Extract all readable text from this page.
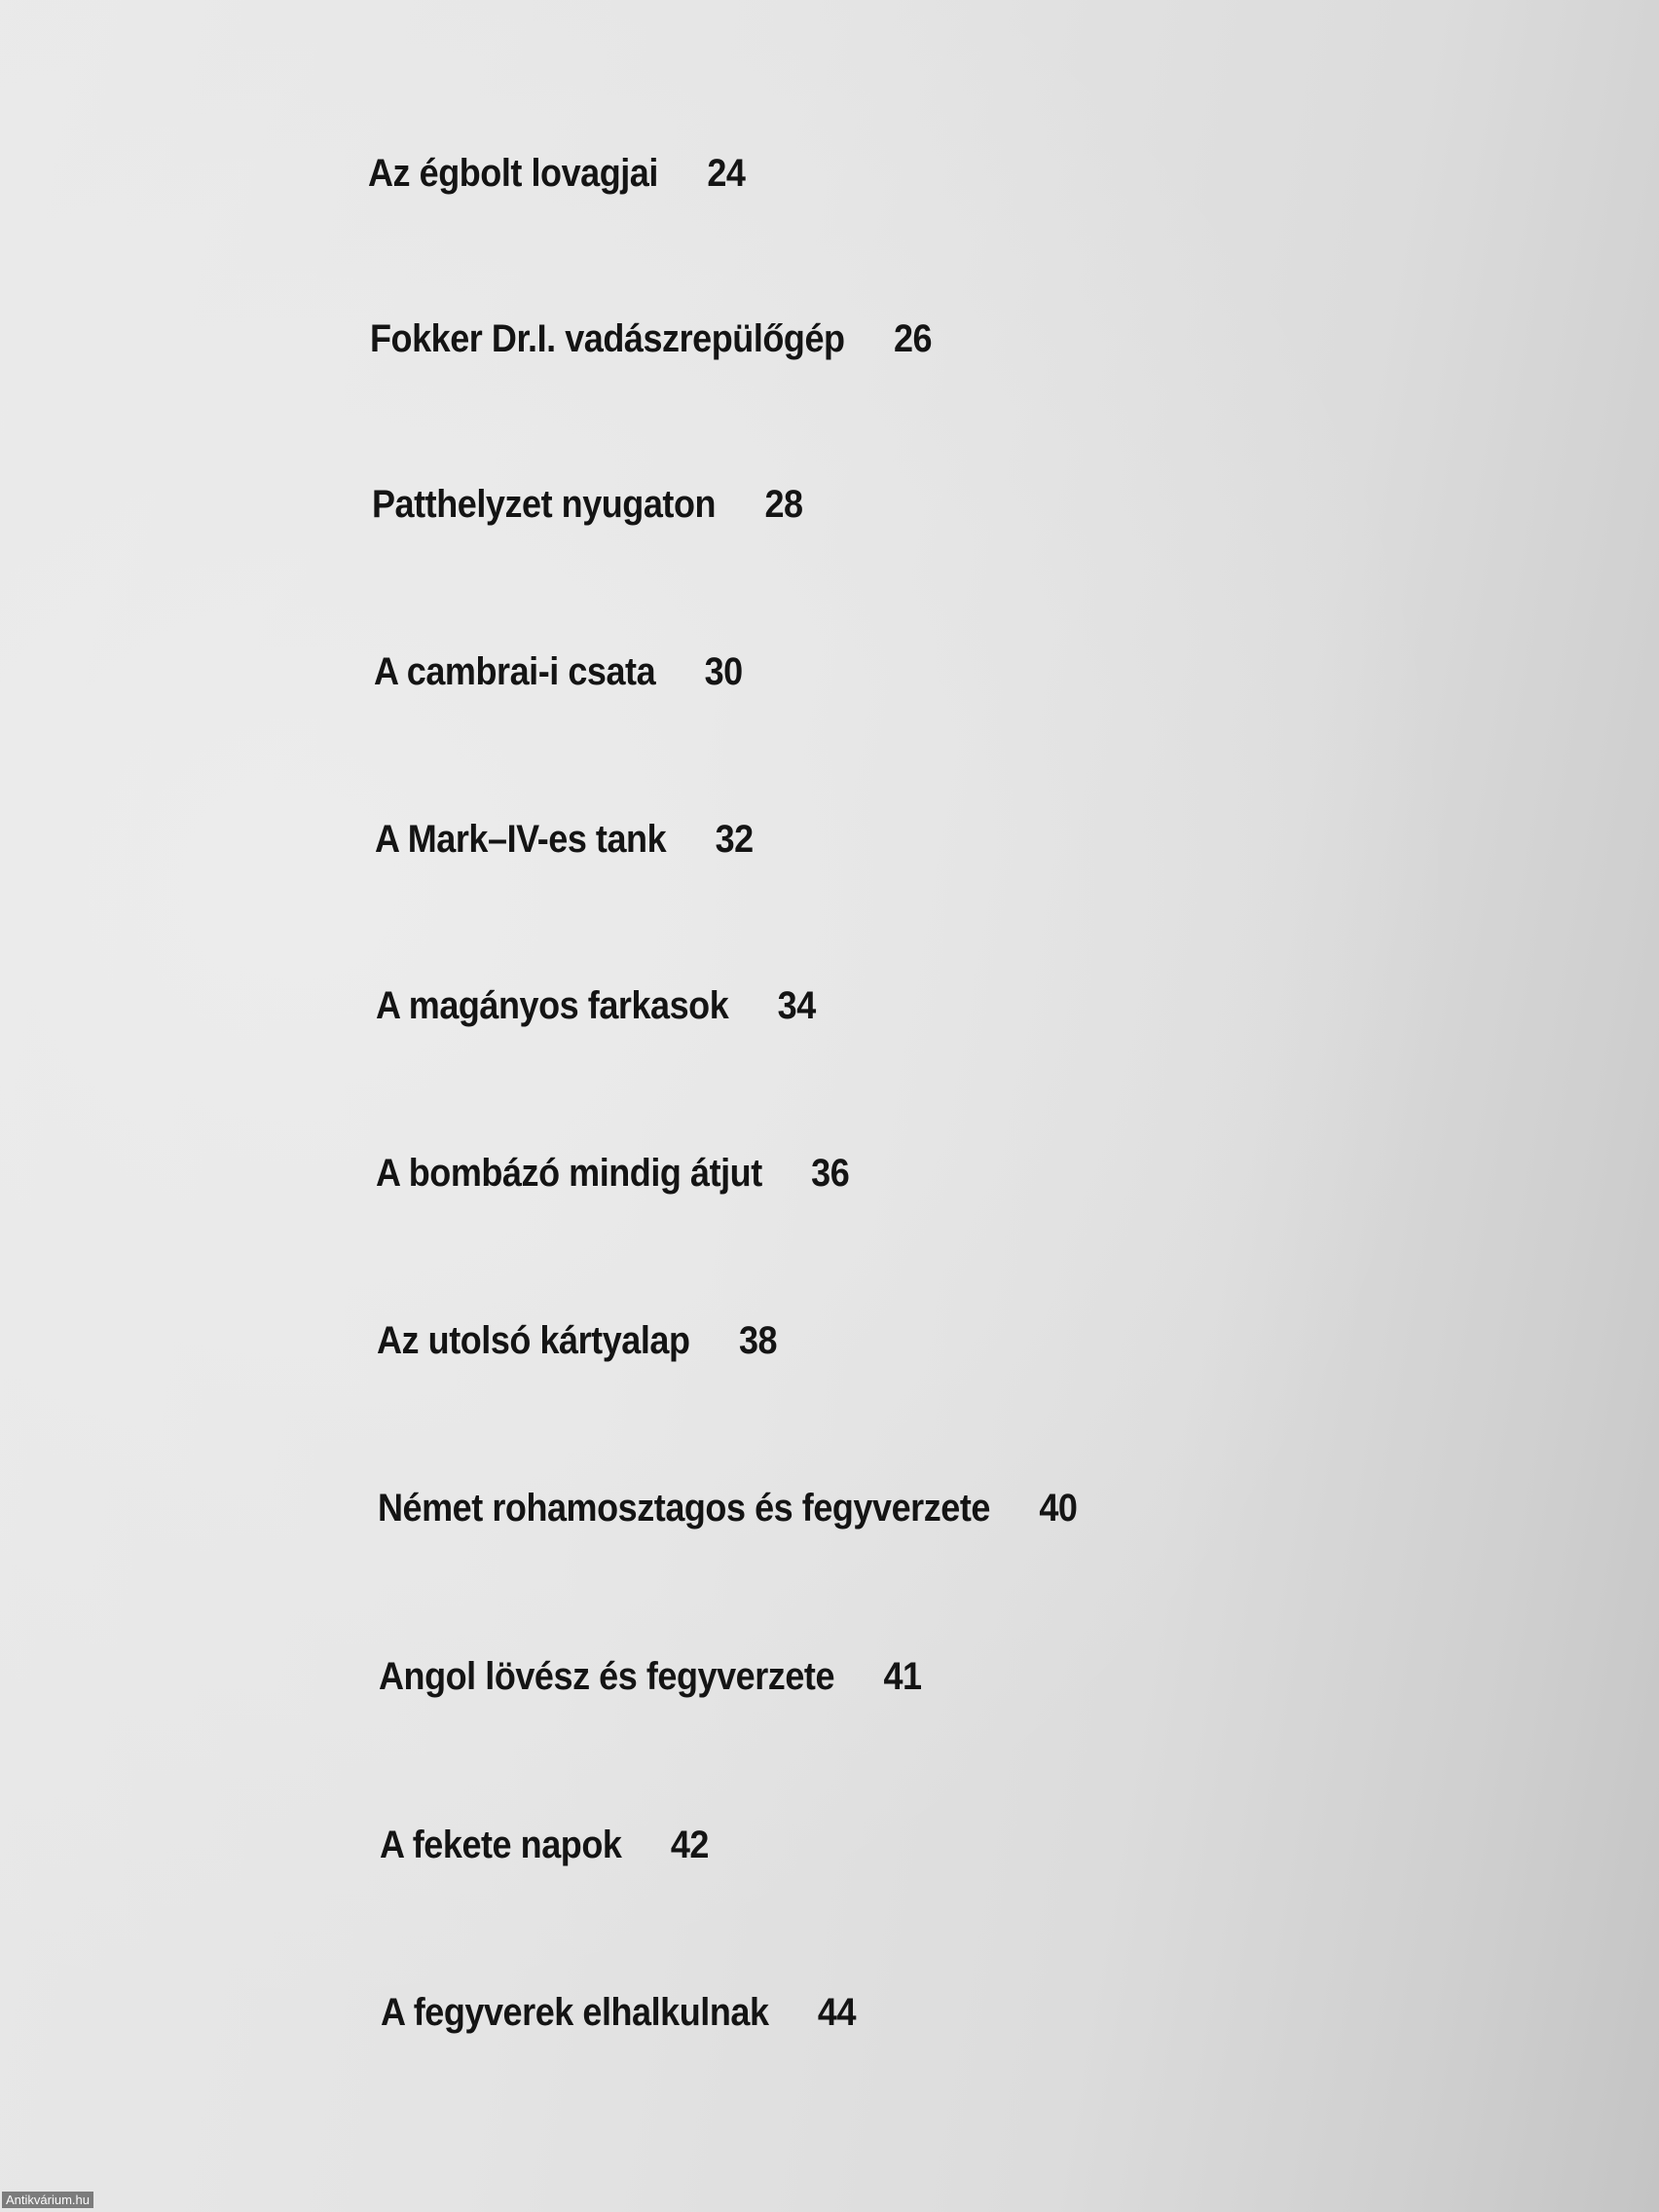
Az égbolt lovagjai 24
Fokker Dr.I. vadászrepülőgép 26
Patthelyzet nyugaton 28
A cambrai-i csata 30
A Mark–IV-es tank 32
A magányos farkasok 34
A bombázó mindig átjut 36
Az utolsó kártyalap 38
Német rohamosztagos és fegyverzete 40
Angol lövész és fegyverzete 41
A fekete napok 42
A fegyverek elhalkulnak 44
Antikvárium.hu
